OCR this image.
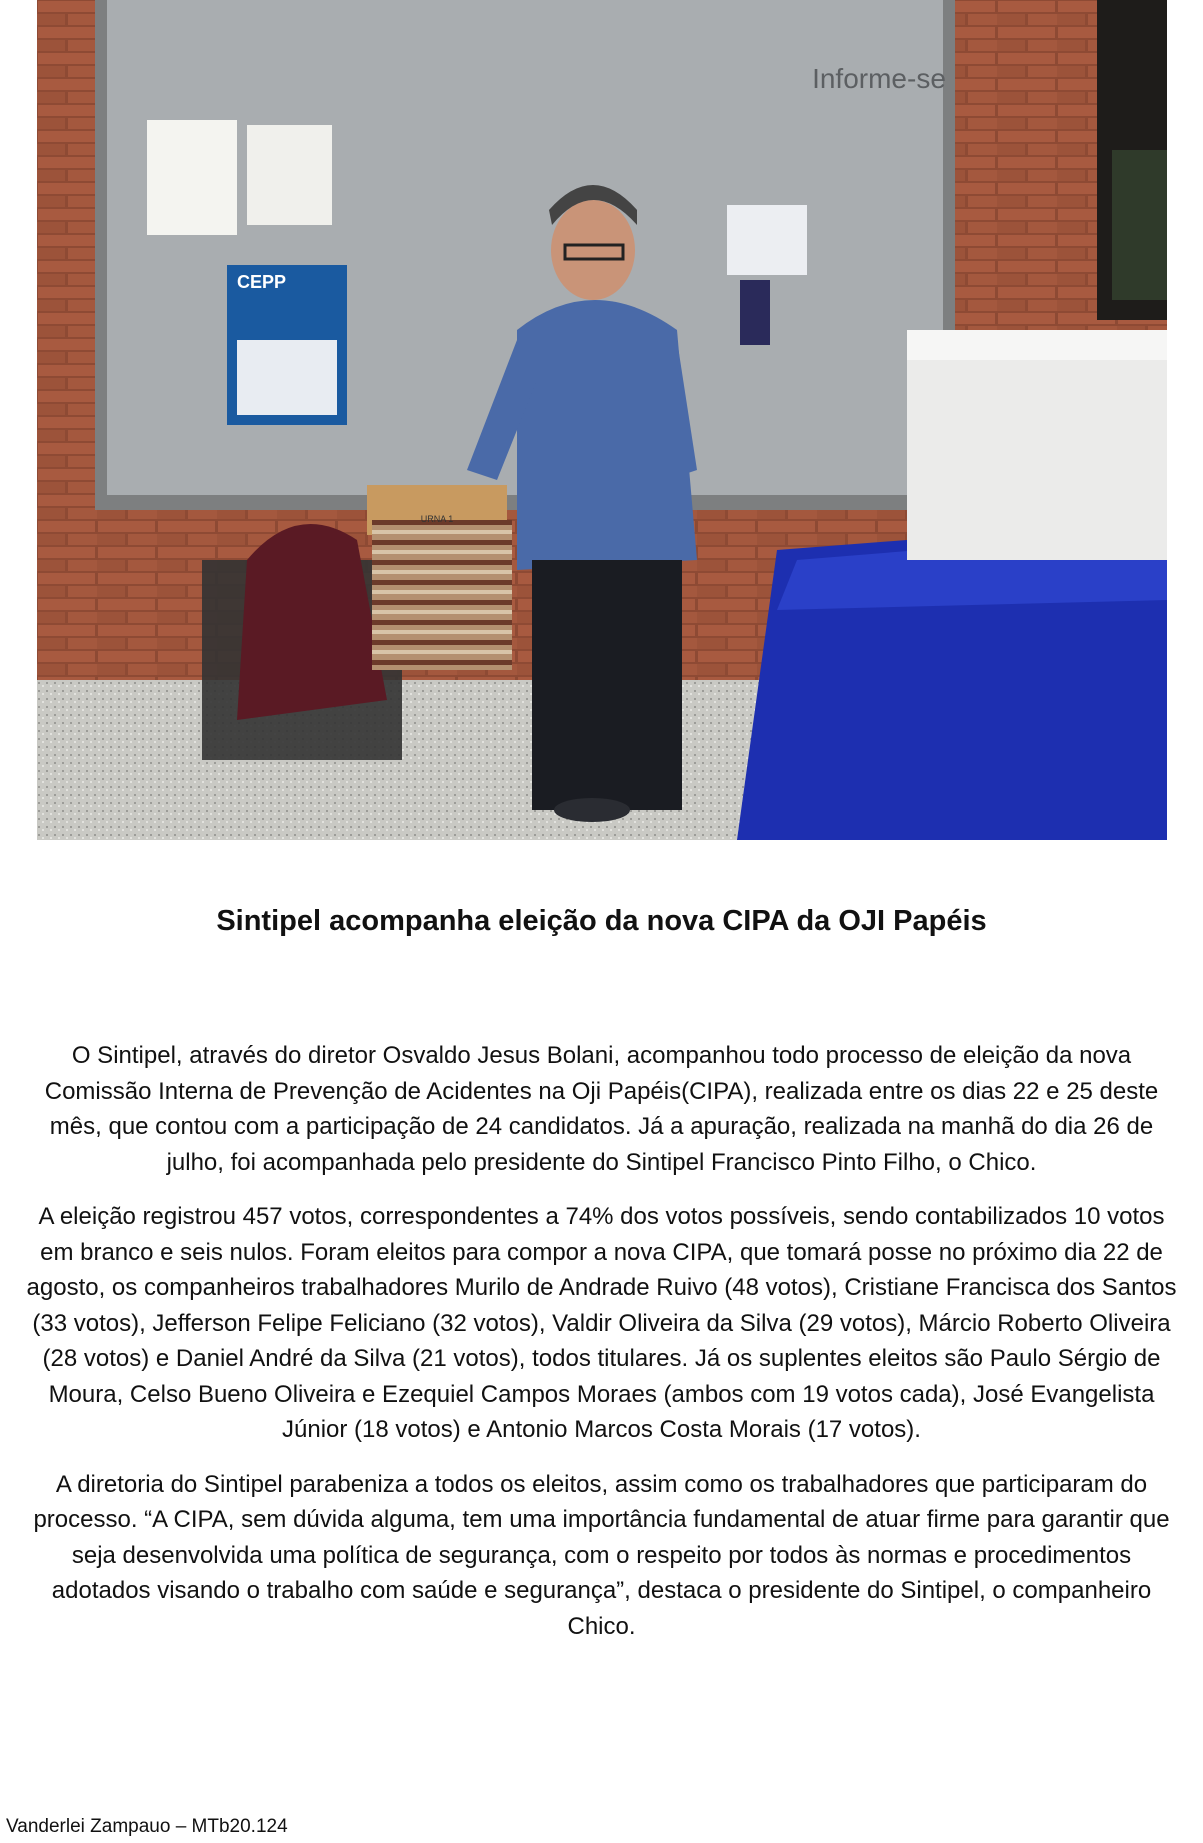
Informe-se
CEPP
URNA 1
Sintipel acompanha eleição da nova CIPA da OJI Papéis

O Sintipel, através do diretor Osvaldo Jesus Bolani, acompanhou todo processo de eleição da nova Comissão Interna de Prevenção de Acidentes na Oji Papéis(CIPA), realizada entre os dias 22 e 25 deste mês, que contou com a participação de 24 candidatos. Já a apuração, realizada na manhã do dia 26 de julho, foi acompanhada pelo presidente do Sintipel Francisco Pinto Filho, o Chico.

A eleição registrou 457 votos, correspondentes a 74% dos votos possíveis, sendo contabilizados 10 votos em branco e seis nulos. Foram eleitos para compor a nova CIPA, que tomará posse no próximo dia 22 de agosto, os companheiros trabalhadores Murilo de Andrade Ruivo (48 votos), Cristiane Francisca dos Santos (33 votos), Jefferson Felipe Feliciano (32 votos), Valdir Oliveira da Silva (29 votos), Márcio Roberto Oliveira (28 votos) e Daniel André da Silva (21 votos), todos titulares. Já os suplentes eleitos são Paulo Sérgio de Moura, Celso Bueno Oliveira e Ezequiel Campos Moraes (ambos com 19 votos cada), José Evangelista Júnior (18 votos) e Antonio Marcos Costa Morais (17 votos).

A diretoria do Sintipel parabeniza a todos os eleitos, assim como os trabalhadores que participaram do processo. “A CIPA, sem dúvida alguma, tem uma importância fundamental de atuar firme para garantir que seja desenvolvida uma política de segurança, com o respeito por todos às normas e procedimentos adotados visando o trabalho com saúde e segurança”, destaca o presidente do Sintipel, o companheiro Chico.

Vanderlei Zampauo – MTb20.124
